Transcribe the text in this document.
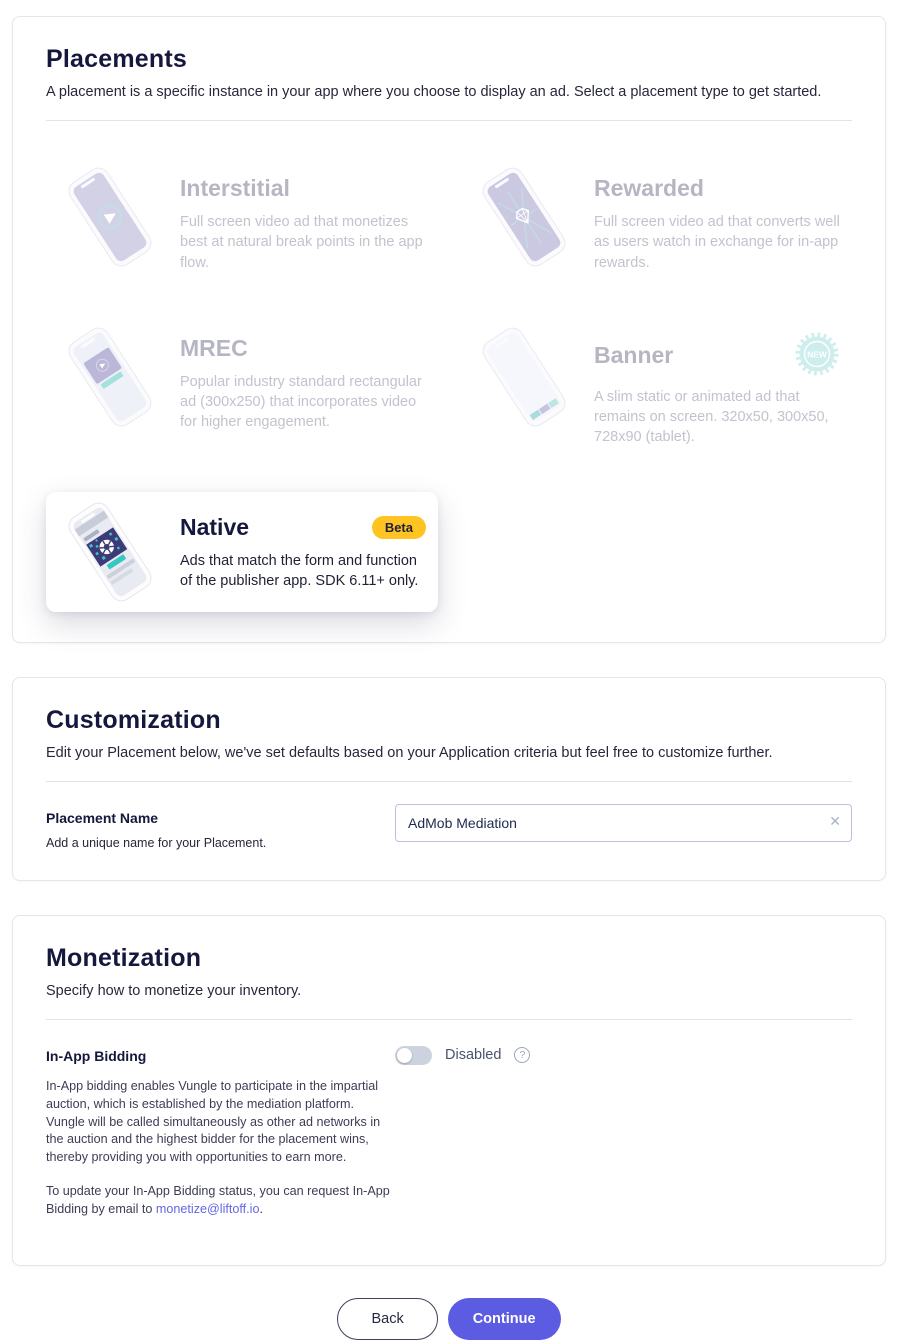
Placements

A placement is a specific instance in your app where you choose to display an ad. Select a placement type to get started.

Interstitial

Full screen video ad that monetizes best at natural break points in the app flow.

Rewarded

Full screen video ad that converts well as users watch in exchange for in-app rewards.

MREC

Popular industry standard rectangular ad (300x250) that incorporates video for higher engagement.

Banner	NEW

A slim static or animated ad that remains on screen. 320x50, 300x50, 728x90 (tablet).

Native	Beta

Ads that match the form and function of the publisher app. SDK 6.11+ only.

Customization

Edit your Placement below, we've set defaults based on your Application criteria but feel free to customize further.

Placement Name

Add a unique name for your Placement.

AdMob Mediation
✕
Monetization

Specify how to monetize your inventory.

In-App Bidding

In-App bidding enables Vungle to participate in the impartial auction, which is established by the mediation platform. Vungle will be called simultaneously as other ad networks in the auction and the highest bidder for the placement wins, thereby providing you with opportunities to earn more.

To update your In-App Bidding status, you can request In-App Bidding by email to monetize@liftoff.io.

Disabled	?
Back	Continue
